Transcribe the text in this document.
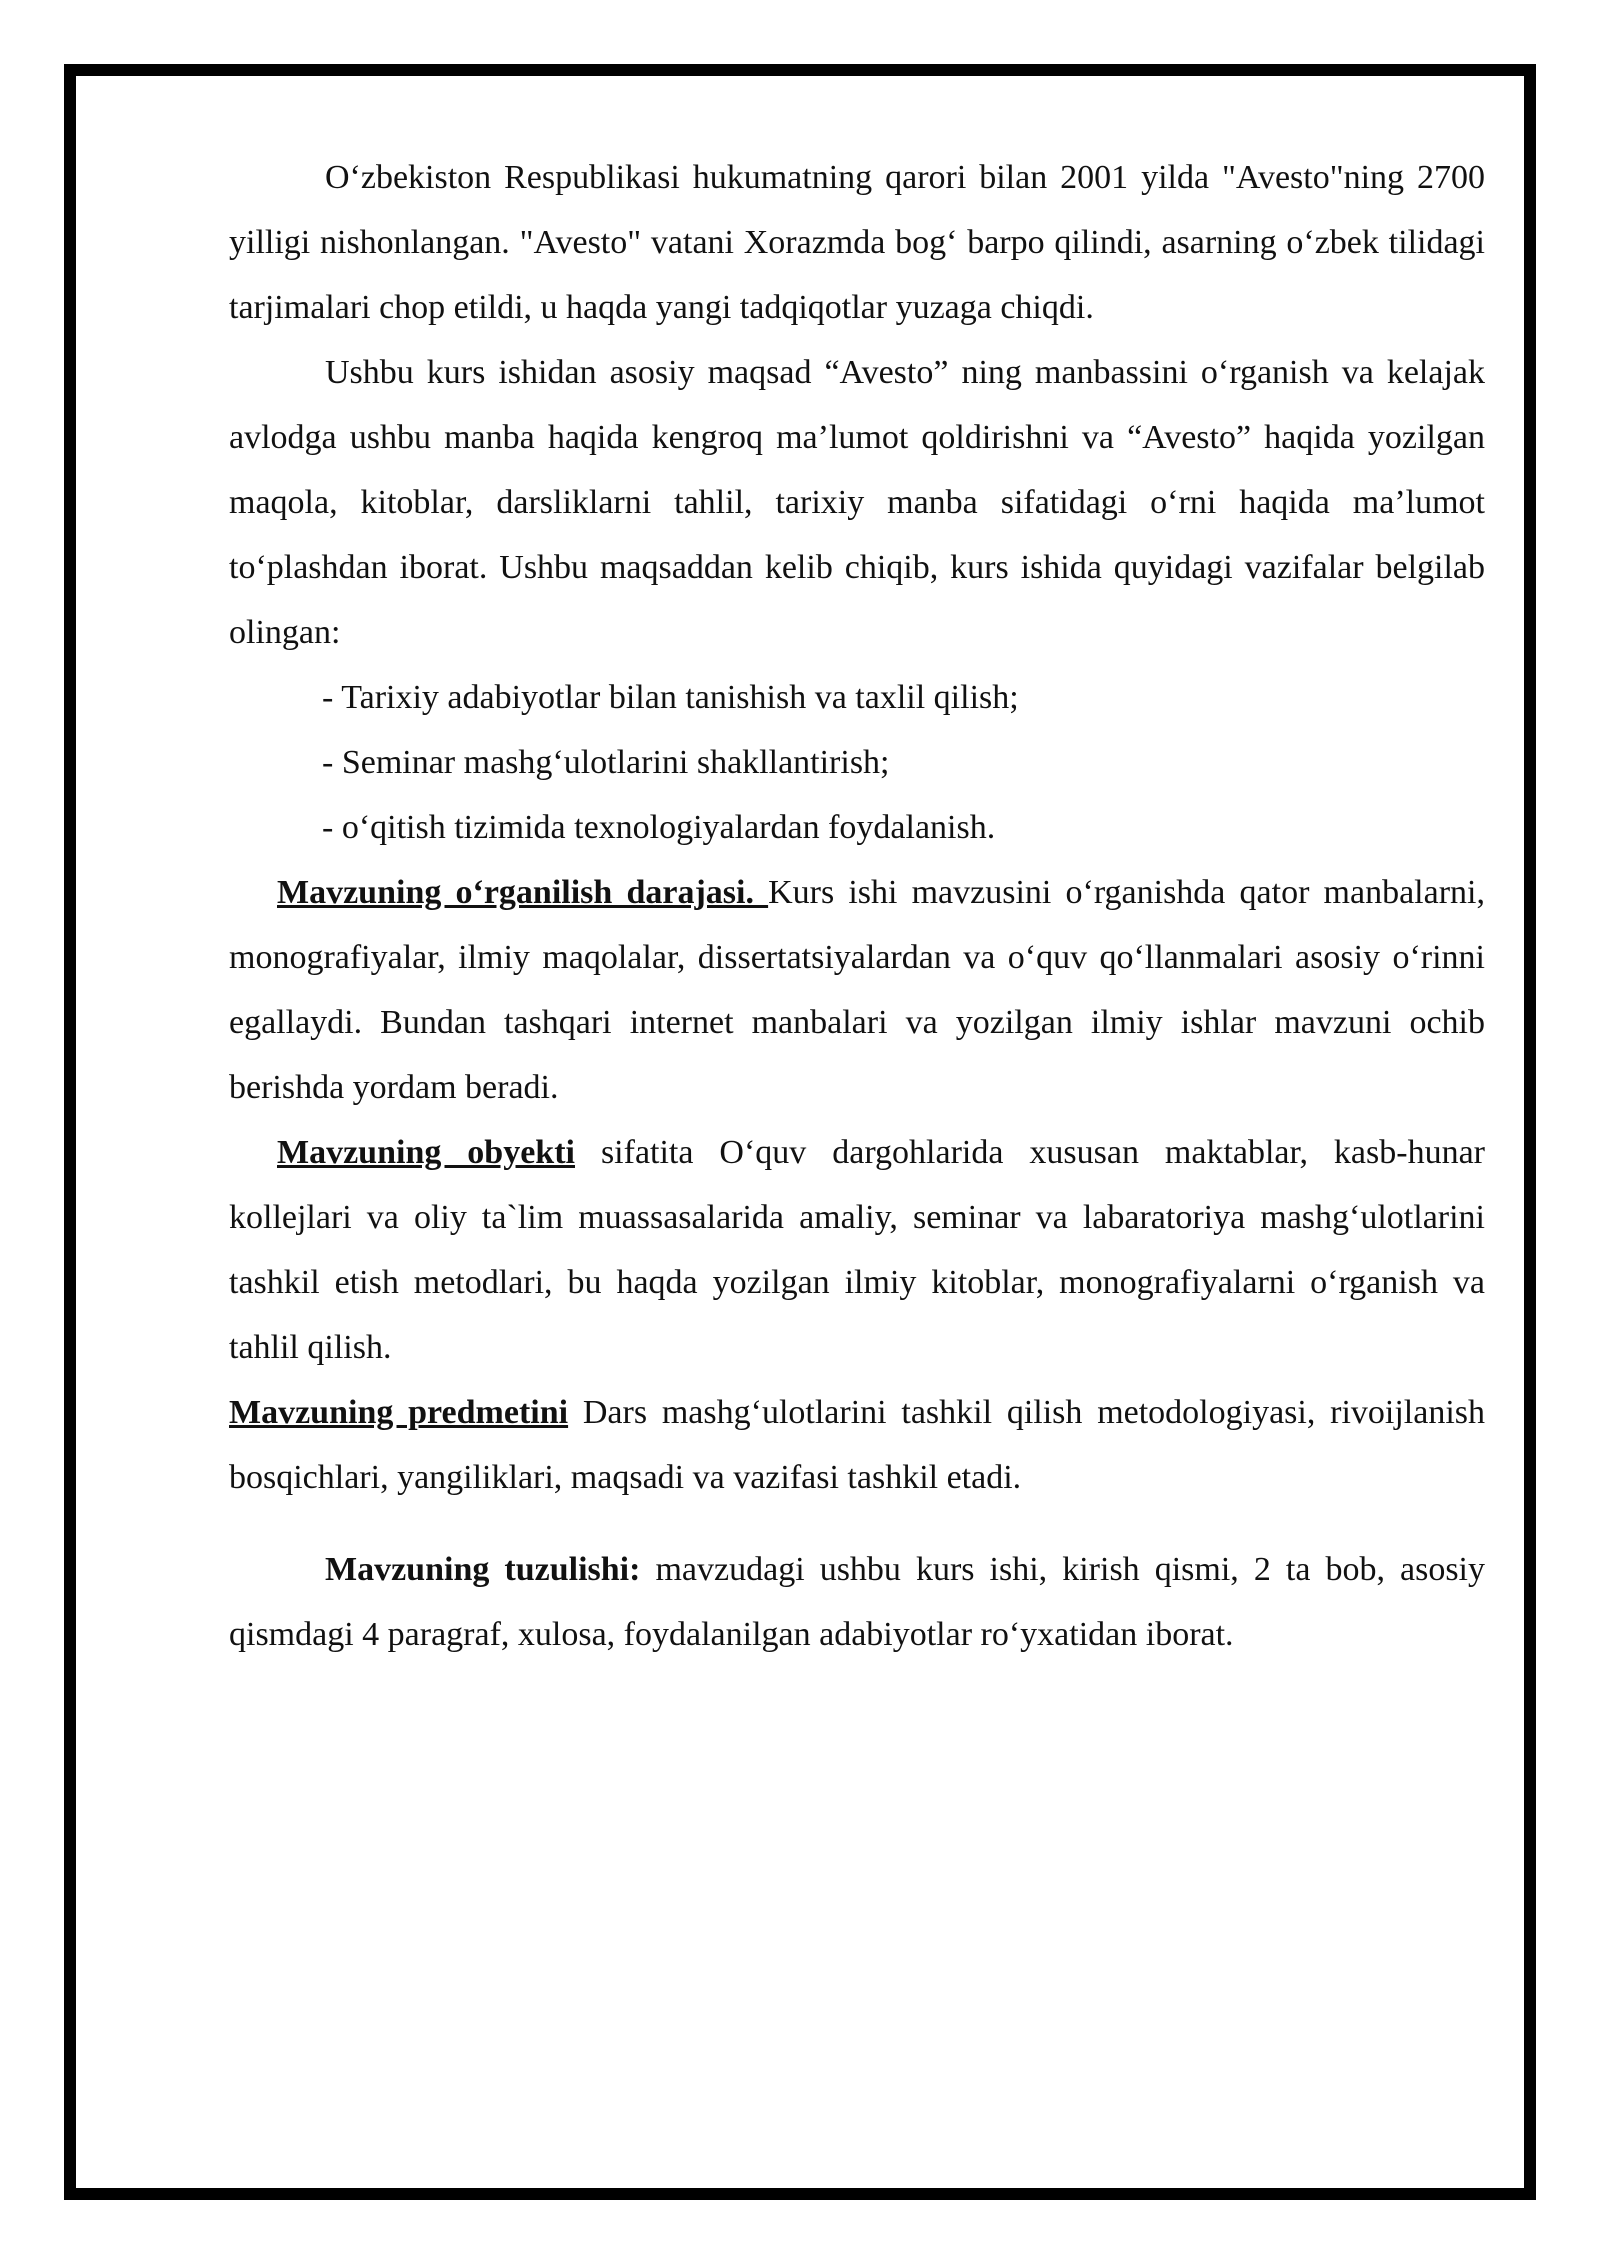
O‘zbekiston Respublikasi hukumatning qarori bilan 2001 yilda "Avesto"ning 2700 yilligi nishonlangan. "Avesto" vatani Xorazmda bog‘ barpo qilindi, asarning o‘zbek tilidagi tarjimalari chop etildi, u haqda yangi tadqiqotlar yuzaga chiqdi.

Ushbu kurs ishidan asosiy maqsad “Avesto” ning manbassini o‘rganish va kelajak avlodga ushbu manba haqida kengroq ma’lumot qoldirishni va “Avesto” haqida yozilgan maqola, kitoblar, darsliklarni tahlil, tarixiy manba sifatidagi o‘rni haqida ma’lumot to‘plashdan iborat. Ushbu maqsaddan kelib chiqib, kurs ishida quyidagi vazifalar belgilab olingan:

- Tarixiy adabiyotlar bilan tanishish va taxlil qilish;

- Seminar mashg‘ulotlarini shakllantirish;

- o‘qitish tizimida texnologiyalardan foydalanish.

Mavzuning o‘rganilish darajasi. Kurs ishi mavzusini o‘rganishda qator manbalarni, monografiyalar, ilmiy maqolalar, dissertatsiyalardan va o‘quv qo‘llanmalari asosiy o‘rinni egallaydi. Bundan tashqari internet manbalari va yozilgan ilmiy ishlar mavzuni ochib berishda yordam beradi.

Mavzuning obyekti sifatita O‘quv dargohlarida xususan maktablar, kasb-hunar kollejlari va oliy ta`lim muassasalarida amaliy, seminar va labaratoriya mashg‘ulotlarini tashkil etish metodlari, bu haqda yozilgan ilmiy kitoblar, monografiyalarni o‘rganish va tahlil qilish.

Mavzuning predmetini Dars mashg‘ulotlarini tashkil qilish metodologiyasi, rivoijlanish bosqichlari, yangiliklari, maqsadi va vazifasi tashkil etadi.

Mavzuning tuzulishi: mavzudagi ushbu kurs ishi, kirish qismi, 2 ta bob, asosiy qismdagi 4 paragraf, xulosa, foydalanilgan adabiyotlar ro‘yxatidan iborat.
